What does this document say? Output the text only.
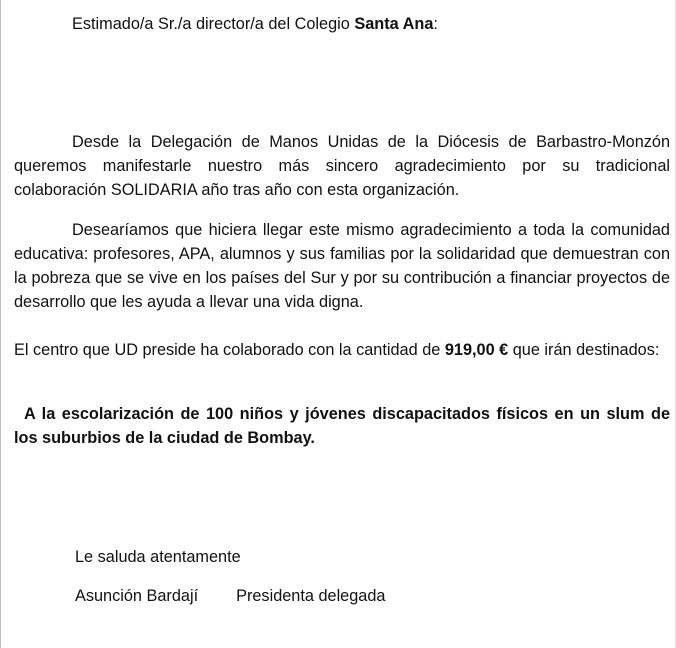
Estimado/a Sr./a director/a del Colegio Santa Ana:
Desde la Delegación de Manos Unidas de la Diócesis de Barbastro-Monzón queremos manifestarle nuestro más sincero agradecimiento por su tradicional colaboración SOLIDARIA año tras año con esta organización.
Desearíamos que hiciera llegar este mismo agradecimiento a toda la comunidad educativa: profesores, APA, alumnos y sus familias por la solidaridad que demuestran con la pobreza que se vive en los países del Sur y por su contribución a financiar proyectos de desarrollo que les ayuda a llevar una vida digna.
El centro que UD preside ha colaborado con la cantidad de 919,00 € que irán destinados:
A la escolarización de 100 niños y jóvenes discapacitados físicos en un slum de los suburbios de la ciudad de Bombay.
Le saluda atentamente
Asunción Bardají Presidenta delegada
